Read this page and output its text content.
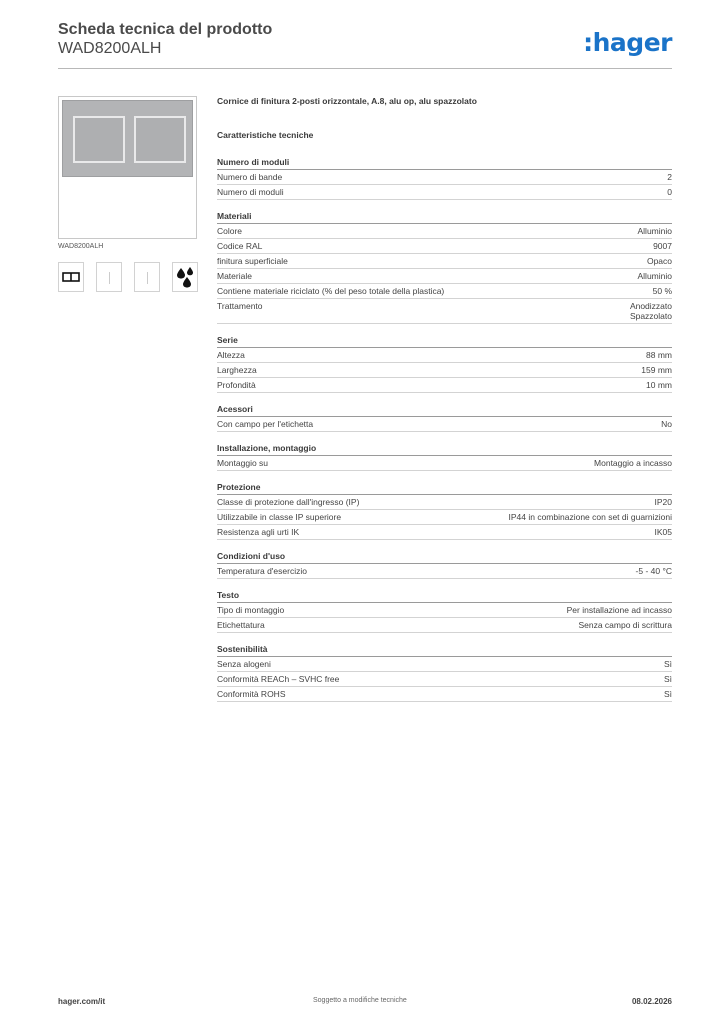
Scheda tecnica del prodotto
WAD8200ALH	:hager
WAD8200ALH
Cornice di finitura 2-posti orizzontale, A.8, alu op, alu spazzolato
Caratteristiche tecniche
Numero di moduli
Numero di bande	2
Numero di moduli	0
Materiali
Colore	Alluminio
Codice RAL	9007
finitura superficiale	Opaco
Materiale	Alluminio
Contiene materiale riciclato (% del peso totale della plastica)	50 %
Trattamento	Anodizzato
Spazzolato
Serie
Altezza	88 mm
Larghezza	159 mm
Profondità	10 mm
Acessori
Con campo per l'etichetta	No
Installazione, montaggio
Montaggio su	Montaggio a incasso
Protezione
Classe di protezione dall'ingresso (IP)	IP20
Utilizzabile in classe IP superiore	IP44 in combinazione con set di guarnizioni
Resistenza agli urti IK	IK05
Condizioni d'uso
Temperatura d'esercizio	-5 - 40 °C
Testo
Tipo di montaggio	Per installazione ad incasso
Etichettatura	Senza campo di scrittura
Sostenibilità
Senza alogeni	Sì
Conformità REACh – SVHC free	Sì
Conformità ROHS	Sì
hager.com/it	Soggetto a modifiche tecniche	08.02.2026
